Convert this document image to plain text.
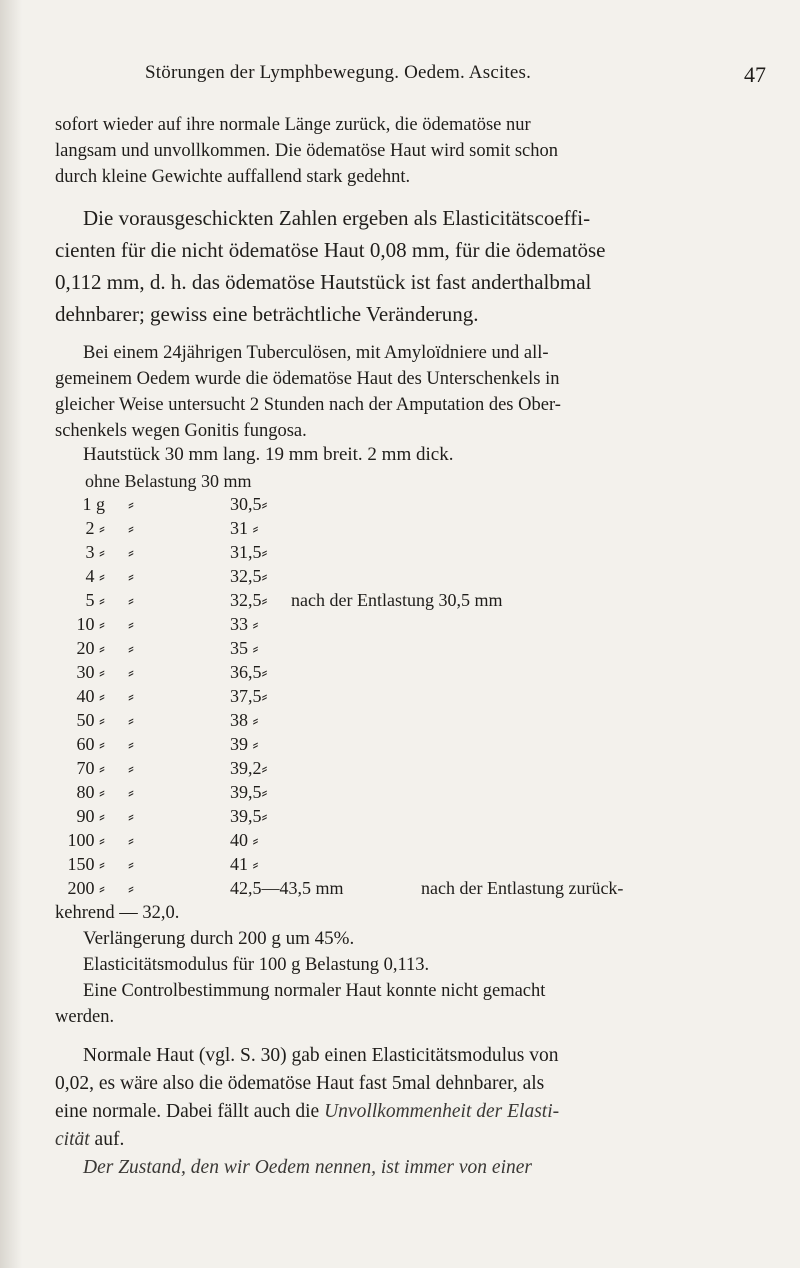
Störungen der Lymphbewegung. Oedem. Ascites.	47

sofort wieder auf ihre normale Länge zurück, die ödematöse nur

langsam und unvollkommen. Die ödematöse Haut wird somit schon

durch kleine Gewichte auffallend stark gedehnt.

Die vorausgeschickten Zahlen ergeben als Elasticitätscoeffi-

cienten für die nicht ödematöse Haut 0,08 mm, für die ödematöse

0,112 mm, d. h. das ödematöse Hautstück ist fast anderthalbmal

dehnbarer; gewiss eine beträchtliche Veränderung.

Bei einem 24jährigen Tuberculösen, mit Amyloïdniere und all-

gemeinem Oedem wurde die ödematöse Haut des Unterschenkels in

gleicher Weise untersucht 2 Stunden nach der Amputation des Ober-

schenkels wegen Gonitis fungosa.

Hautstück 30 mm lang. 19 mm breit. 2 mm dick.

ohne Belastung 30 mm

1 g ⸗	30,5⸗
2 ⸗ ⸗	31 ⸗
3 ⸗ ⸗	31,5⸗
4 ⸗ ⸗	32,5⸗
5 ⸗ ⸗	32,5⸗ nach der Entlastung 30,5 mm
10 ⸗ ⸗	33 ⸗
20 ⸗ ⸗	35 ⸗
30 ⸗ ⸗	36,5⸗
40 ⸗ ⸗	37,5⸗
50 ⸗ ⸗	38 ⸗
60 ⸗ ⸗	39 ⸗
70 ⸗ ⸗	39,2⸗
80 ⸗ ⸗	39,5⸗
90 ⸗ ⸗	39,5⸗
100 ⸗ ⸗	40 ⸗
150 ⸗ ⸗	41 ⸗
200 ⸗ ⸗	42,5—43,5 mm	nach der Entlastung zurück-

kehrend — 32,0.

Verlängerung durch 200 g um 45%.

Elasticitätsmodulus für 100 g Belastung 0,113.

Eine Controlbestimmung normaler Haut konnte nicht gemacht

werden.

Normale Haut (vgl. S. 30) gab einen Elasticitätsmodulus von

0,02, es wäre also die ödematöse Haut fast 5mal dehnbarer, als

eine normale. Dabei fällt auch die Unvollkommenheit der Elasti-

cität auf.

Der Zustand, den wir Oedem nennen, ist immer von einer
